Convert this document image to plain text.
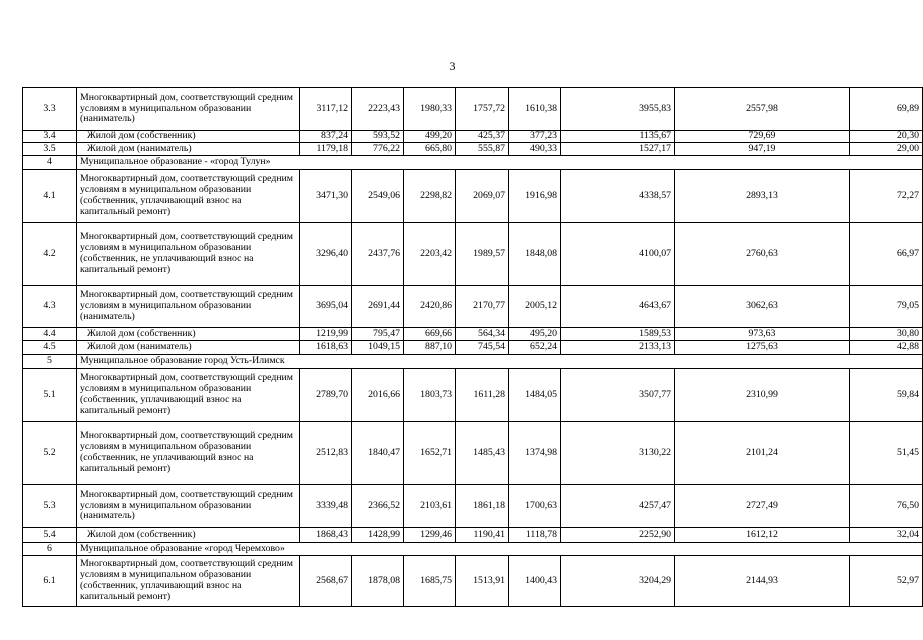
3
3.3	Многоквартирный дом, соответствующий средним условиям в муниципальном образовании (наниматель)	3117,12	2223,43	1980,33	1757,72	1610,38	3955,83	2557,98	69,89
3.4	Жилой дом (собственник)	837,24	593,52	499,20	425,37	377,23	1135,67	729,69	20,30
3.5	Жилой дом (наниматель)	1179,18	776,22	665,80	555,87	490,33	1527,17	947,19	29,00
4	Муниципальное образование - «город Тулун»								
4.1	Многоквартирный дом, соответствующий средним условиям в муниципальном образовании (собственник, уплачивающий взнос на капитальный ремонт)	3471,30	2549,06	2298,82	2069,07	1916,98	4338,57	2893,13	72,27
4.2	Многоквартирный дом, соответствующий средним условиям в муниципальном образовании (собственник, не уплачивающий взнос на капитальный ремонт)	3296,40	2437,76	2203,42	1989,57	1848,08	4100,07	2760,63	66,97
4.3	Многоквартирный дом, соответствующий средним условиям в муниципальном образовании (наниматель)	3695,04	2691,44	2420,86	2170,77	2005,12	4643,67	3062,63	79,05
4.4	Жилой дом (собственник)	1219,99	795,47	669,66	564,34	495,20	1589,53	973,63	30,80
4.5	Жилой дом (наниматель)	1618,63	1049,15	887,10	745,54	652,24	2133,13	1275,63	42,88
5	Муниципальное образование город Усть-Илимск								
5.1	Многоквартирный дом, соответствующий средним условиям в муниципальном образовании (собственник, уплачивающий взнос на капитальный ремонт)	2789,70	2016,66	1803,73	1611,28	1484,05	3507,77	2310,99	59,84
5.2	Многоквартирный дом, соответствующий средним условиям в муниципальном образовании (собственник, не уплачивающий взнос на капитальный ремонт)	2512,83	1840,47	1652,71	1485,43	1374,98	3130,22	2101,24	51,45
5.3	Многоквартирный дом, соответствующий средним условиям в муниципальном образовании (наниматель)	3339,48	2366,52	2103,61	1861,18	1700,63	4257,47	2727,49	76,50
5.4	Жилой дом (собственник)	1868,43	1428,99	1299,46	1190,41	1118,78	2252,90	1612,12	32,04
6	Муниципальное образование «город Черемхово»								
6.1	Многоквартирный дом, соответствующий средним условиям в муниципальном образовании (собственник, уплачивающий взнос на капитальный ремонт)	2568,67	1878,08	1685,75	1513,91	1400,43	3204,29	2144,93	52,97
